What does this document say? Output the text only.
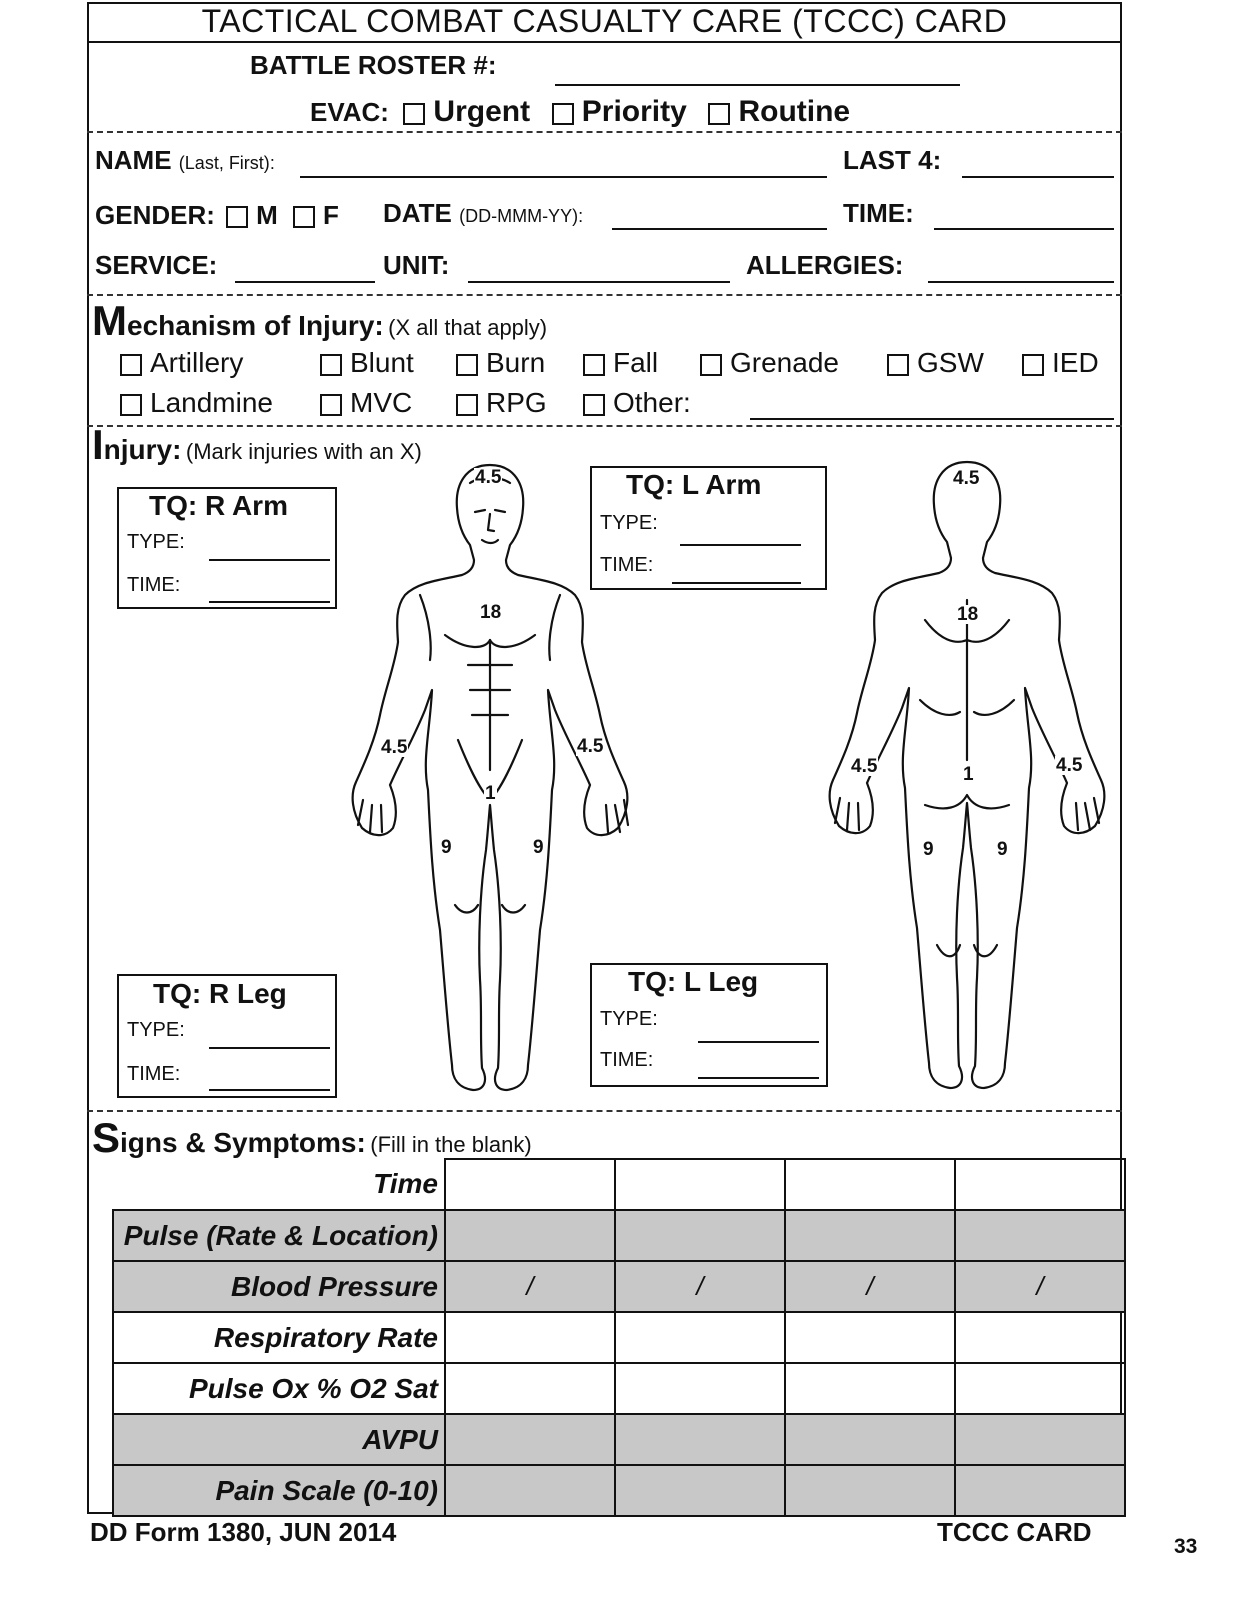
TACTICAL COMBAT CASUALTY CARE (TCCC) CARD
BATTLE ROSTER #:
EVAC: Urgent Priority Routine
NAME (Last, First):	LAST 4:
GENDER: M F DATE (DD-MMM-YY):	TIME:
SERVICE:	UNIT:	ALLERGIES:
Mechanism of Injury: (X all that apply)
Artillery	Blunt	Burn	Fall	Grenade	GSW	IED
Landmine	MVC	RPG	Other:
Injury: (Mark injuries with an X)
4.5
18
4.5	4.5
1
9	9
4.5
18
4.5	4.5
1
9	9
TQ: R Arm
TYPE:
TIME:
TQ: L Arm
TYPE:
TIME:
TQ: R Leg
TYPE:
TIME:
TQ: L Leg
TYPE:
TIME:
Signs & Symptoms: (Fill in the blank)
Time				
Pulse (Rate & Location)				
Blood Pressure	/	/	/	/
Respiratory Rate				
Pulse Ox % O2 Sat				
AVPU				
Pain Scale (0-10)				
DD Form 1380, JUN 2014	TCCC CARD	33
